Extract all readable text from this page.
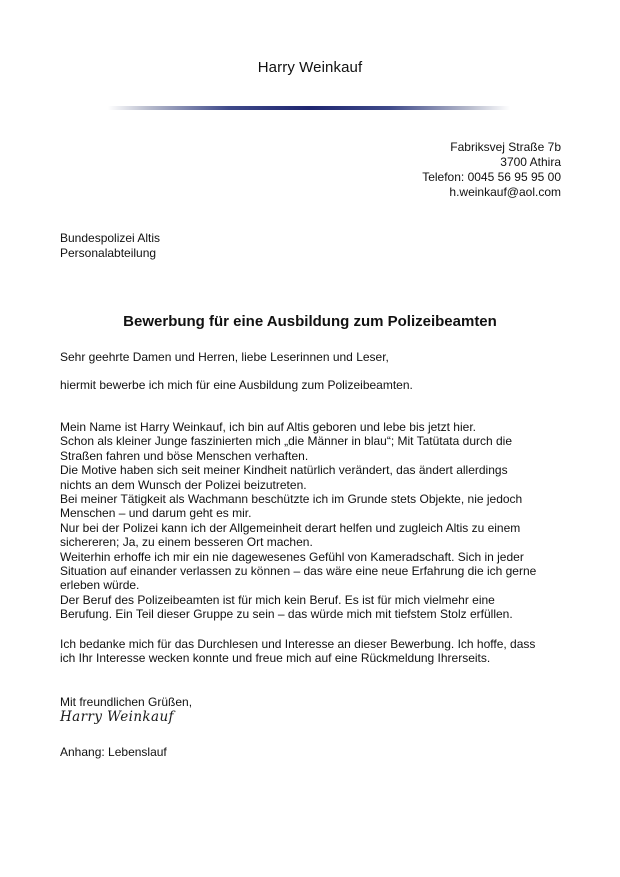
Harry Weinkauf
Fabriksvej Straße 7b
3700 Athira
Telefon: 0045 56 95 95 00
h.weinkauf@aol.com
Bundespolizei Altis
Personalabteilung
Bewerbung für eine Ausbildung zum Polizeibeamten
Sehr geehrte Damen und Herren, liebe Leserinnen und Leser,
hiermit bewerbe ich mich für eine Ausbildung zum Polizeibeamten.
Mein Name ist Harry Weinkauf, ich bin auf Altis geboren und lebe bis jetzt hier.
Schon als kleiner Junge faszinierten mich „die Männer in blau“; Mit Tatütata durch die
Straßen fahren und böse Menschen verhaften.
Die Motive haben sich seit meiner Kindheit natürlich verändert, das ändert allerdings
nichts an dem Wunsch der Polizei beizutreten.
Bei meiner Tätigkeit als Wachmann beschützte ich im Grunde stets Objekte, nie jedoch
Menschen – und darum geht es mir.
Nur bei der Polizei kann ich der Allgemeinheit derart helfen und zugleich Altis zu einem
sichereren; Ja, zu einem besseren Ort machen.
Weiterhin erhoffe ich mir ein nie dagewesenes Gefühl von Kameradschaft. Sich in jeder
Situation auf einander verlassen zu können – das wäre eine neue Erfahrung die ich gerne
erleben würde.
Der Beruf des Polizeibeamten ist für mich kein Beruf. Es ist für mich vielmehr eine
Berufung. Ein Teil dieser Gruppe zu sein – das würde mich mit tiefstem Stolz erfüllen.
Ich bedanke mich für das Durchlesen und Interesse an dieser Bewerbung. Ich hoffe, dass
ich Ihr Interesse wecken konnte und freue mich auf eine Rückmeldung Ihrerseits.
Mit freundlichen Grüßen,
Harry Weinkauf
Anhang: Lebenslauf
